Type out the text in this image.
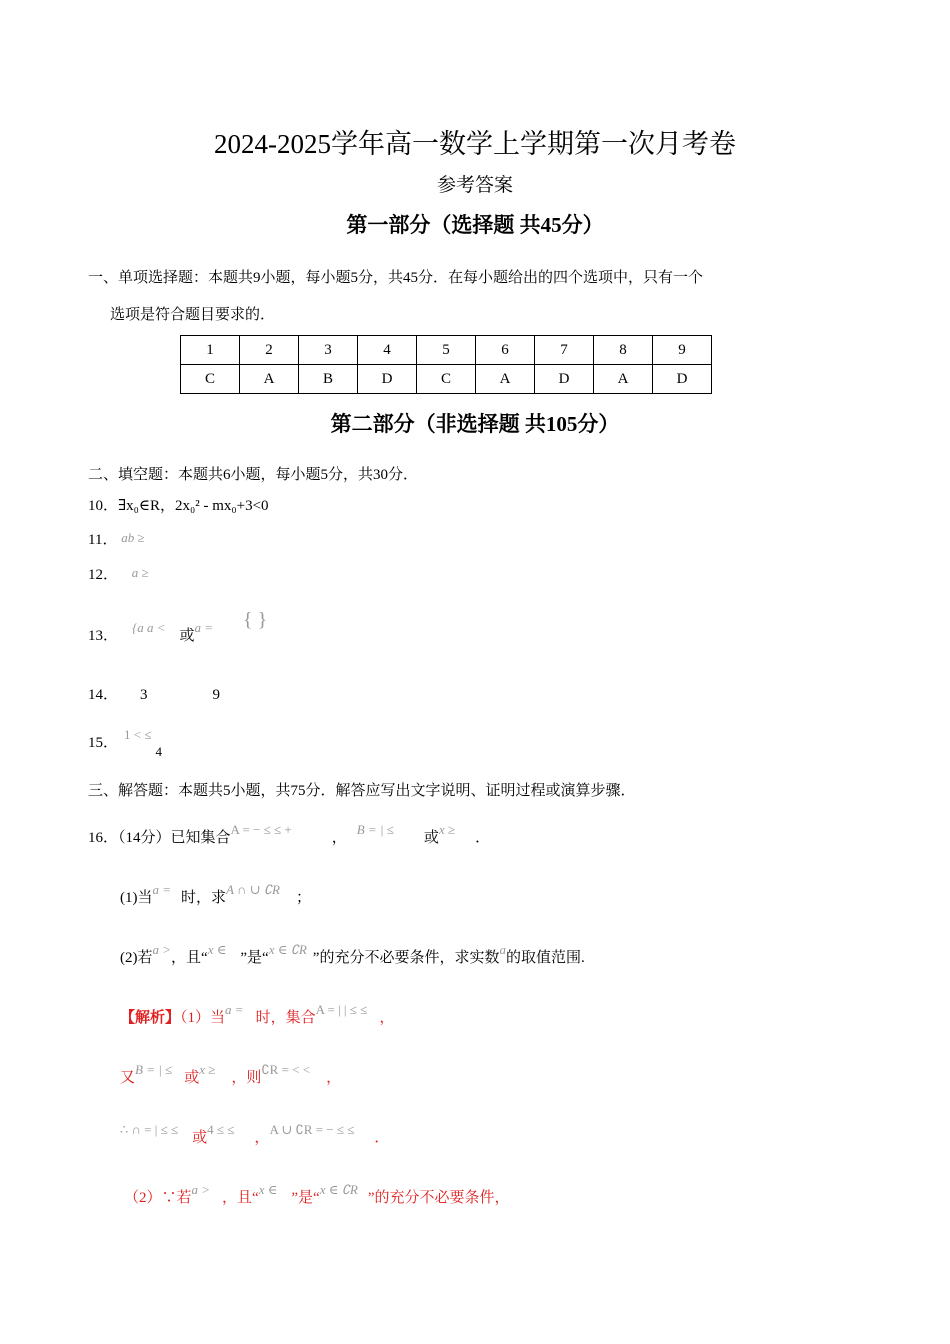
2024-2025学年高一数学上学期第一次月考卷
参考答案
第一部分（选择题 共45分）
一、单项选择题：本题共9小题，每小题5分，共45分．在每小题给出的四个选项中，只有一个
选项是符合题目要求的．
1	2	3	4	5	6	7	8	9
C	A	B	D	C	A	D	A	D
第二部分（非选择题 共105分）
二、填空题：本题共6小题，每小题5分，共30分．
10．∃x₀∈R，2x₀² - mx₀+3<0
11． ab ≥
12． a ≥
13．{a a <或a = { }
14． 3	9
15．1 < ≤4
三、解答题：本题共5小题，共75分．解答应写出文字说明、证明过程或演算步骤．
16．（14分）已知集合A = − ≤ ≤ +，B = | ≤或x ≥．
(1)当a =时，求A ∩ ∪ ∁R；
(2)若a >，且“x ∈”是“x ∈ ∁R”的充分不必要条件，求实数a的取值范围.
【解析】（1）当a =时，集合A = | | ≤ ≤，
又B = | ≤或x ≥，则∁R = < <，
∴ ∩ = | ≤ ≤或4 ≤ ≤，A ∪ ∁R = − ≤ ≤．
（2）∵若a >，且“x ∈”是“x ∈ ∁R”的充分不必要条件，
